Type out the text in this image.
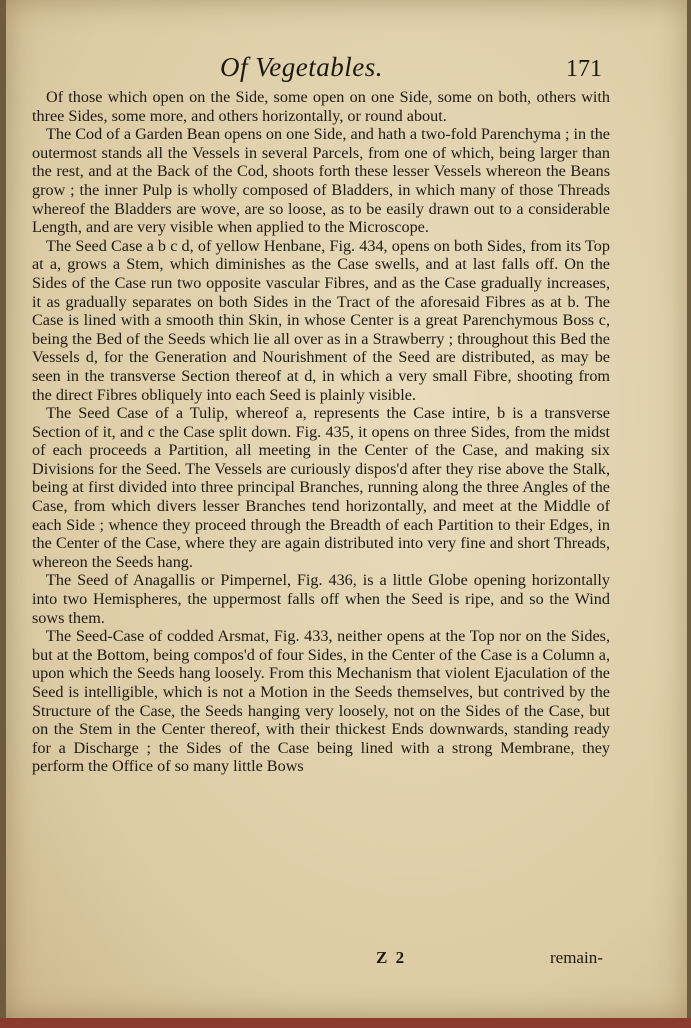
Of Vegetables.	171

Of those which open on the Side, some open on one Side, some on both, others with three Sides, some more, and others horizontally, or round about.

The Cod of a Garden Bean opens on one Side, and hath a two-fold Parenchyma ; in the outermost stands all the Vessels in several Parcels, from one of which, being larger than the rest, and at the Back of the Cod, shoots forth these lesser Vessels whereon the Beans grow ; the inner Pulp is wholly composed of Bladders, in which many of those Threads whereof the Bladders are wove, are so loose, as to be easily drawn out to a considerable Length, and are very visible when applied to the Microscope.

The Seed Case a b c d, of yellow Henbane, Fig. 434, opens on both Sides, from its Top at a, grows a Stem, which diminishes as the Case swells, and at last falls off. On the Sides of the Case run two opposite vascular Fibres, and as the Case gradually increases, it as gradually separates on both Sides in the Tract of the aforesaid Fibres as at b. The Case is lined with a smooth thin Skin, in whose Center is a great Parenchymous Boss c, being the Bed of the Seeds which lie all over as in a Strawberry ; throughout this Bed the Vessels d, for the Generation and Nourishment of the Seed are distributed, as may be seen in the transverse Section thereof at d, in which a very small Fibre, shooting from the direct Fibres obliquely into each Seed is plainly visible.

The Seed Case of a Tulip, whereof a, represents the Case intire, b is a transverse Section of it, and c the Case split down. Fig. 435, it opens on three Sides, from the midst of each proceeds a Partition, all meeting in the Center of the Case, and making six Divisions for the Seed. The Vessels are curiously dispos'd after they rise above the Stalk, being at first divided into three principal Branches, running along the three Angles of the Case, from which divers lesser Branches tend horizontally, and meet at the Middle of each Side ; whence they proceed through the Breadth of each Partition to their Edges, in the Center of the Case, where they are again distributed into very fine and short Threads, whereon the Seeds hang.

The Seed of Anagallis or Pimpernel, Fig. 436, is a little Globe opening horizontally into two Hemispheres, the uppermost falls off when the Seed is ripe, and so the Wind sows them.

The Seed-Case of codded Arsmat, Fig. 433, neither opens at the Top nor on the Sides, but at the Bottom, being compos'd of four Sides, in the Center of the Case is a Column a, upon which the Seeds hang loosely. From this Mechanism that violent Ejaculation of the Seed is intelligible, which is not a Motion in the Seeds themselves, but contrived by the Structure of the Case, the Seeds hanging very loosely, not on the Sides of the Case, but on the Stem in the Center thereof, with their thickest Ends downwards, standing ready for a Discharge ; the Sides of the Case being lined with a strong Membrane, they perform the Office of so many little Bows

Z 2	remain-
